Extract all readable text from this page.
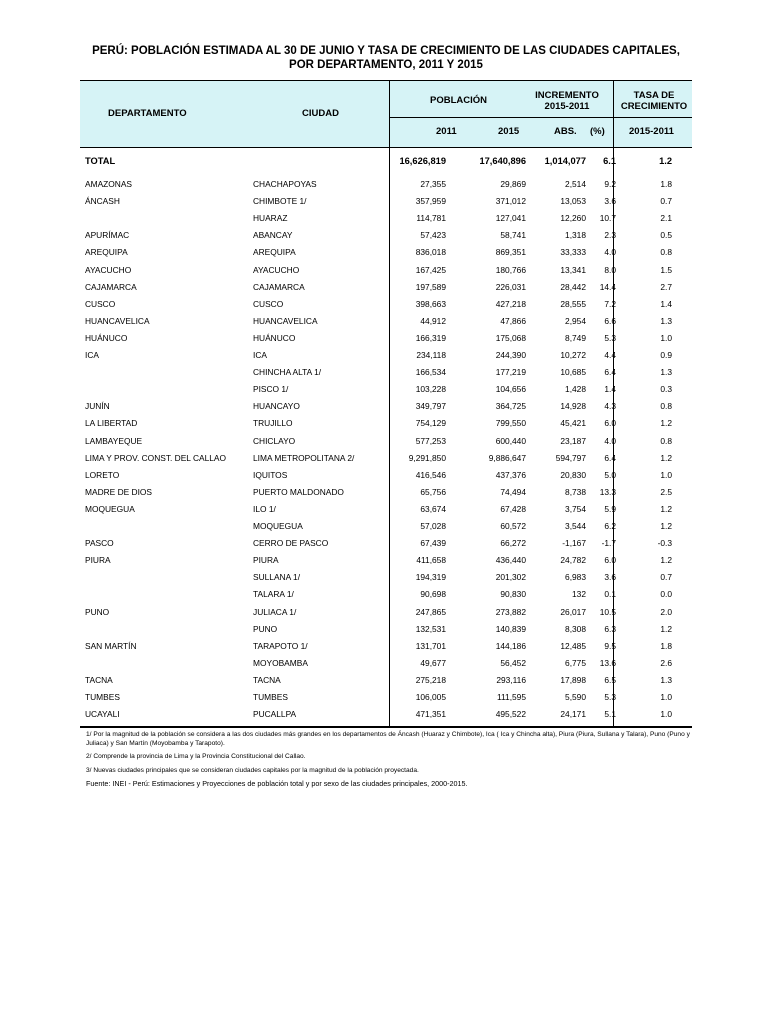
PERÚ: POBLACIÓN ESTIMADA AL 30 DE JUNIO Y TASA DE CRECIMIENTO DE LAS CIUDADES CAPITALES,
POR DEPARTAMENTO, 2011 Y 2015
DEPARTAMENTO	CIUDAD
POBLACIÓN	INCREMENTO
2015-2011
TASA DE
CRECIMIENTO
2011	2015	ABS. (%)	2015-2011
TOTAL	16,626,819	17,640,896 1,014,077 6.1	1.2
AMAZONAS	CHACHAPOYAS	27,355	29,869	2,514 9.2	1.8
ÁNCASH	CHIMBOTE 1/	357,959	371,012	13,053 3.6	0.7
HUARAZ	114,781	127,041	12,260 10.7	2.1
APURÍMAC	ABANCAY	57,423	58,741	1,318 2.3	0.5
AREQUIPA	AREQUIPA	836,018	869,351	33,333 4.0	0.8
AYACUCHO	AYACUCHO	167,425	180,766	13,341 8.0	1.5
CAJAMARCA	CAJAMARCA	197,589	226,031	28,442 14.4	2.7
CUSCO	CUSCO	398,663	427,218	28,555 7.2	1.4
HUANCAVELICA	HUANCAVELICA	44,912	47,866	2,954 6.6	1.3
HUÁNUCO	HUÁNUCO	166,319	175,068	8,749 5.3	1.0
ICA	ICA	234,118	244,390	10,272 4.4	0.9
CHINCHA ALTA 1/	166,534	177,219	10,685 6.4	1.3
PISCO 1/	103,228	104,656	1,428 1.4	0.3
JUNÍN	HUANCAYO	349,797	364,725	14,928 4.3	0.8
LA LIBERTAD	TRUJILLO	754,129	799,550	45,421 6.0	1.2
LAMBAYEQUE	CHICLAYO	577,253	600,440	23,187 4.0	0.8
LIMA Y PROV. CONST. DEL CALLAO	LIMA METROPOLITANA 2/	9,291,850	9,886,647	594,797 6.4	1.2
LORETO	IQUITOS	416,546	437,376	20,830 5.0	1.0
MADRE DE DIOS	PUERTO MALDONADO	65,756	74,494	8,738 13.3	2.5
MOQUEGUA	ILO 1/	63,674	67,428	3,754 5.9	1.2
MOQUEGUA	57,028	60,572	3,544 6.2	1.2
PASCO	CERRO DE PASCO	67,439	66,272	-1,167 -1.7	-0.3
PIURA	PIURA	411,658	436,440	24,782 6.0	1.2
SULLANA 1/	194,319	201,302	6,983 3.6	0.7
TALARA 1/	90,698	90,830	132 0.1	0.0
PUNO	JULIACA 1/	247,865	273,882	26,017 10.5	2.0
PUNO	132,531	140,839	8,308 6.3	1.2
SAN MARTÍN	TARAPOTO 1/	131,701	144,186	12,485 9.5	1.8
MOYOBAMBA	49,677	56,452	6,775 13.6	2.6
TACNA	TACNA	275,218	293,116	17,898 6.5	1.3
TUMBES	TUMBES	106,005	111,595	5,590 5.3	1.0
UCAYALI	PUCALLPA	471,351	495,522	24,171 5.1	1.0

1/ Por la magnitud de la población se considera a las dos ciudades más grandes en los departamentos de Áncash (Huaraz y Chimbote), Ica ( Ica y Chincha alta), Piura (Piura, Sullana y Talara), Puno (Puno y Juliaca) y San Martín (Moyobamba y Tarapoto).

2/ Comprende la provincia de Lima y la Provincia Constitucional del Callao.

3/ Nuevas ciudades principales que se consideran ciudades capitales por la magnitud de la población proyectada.

Fuente: INEI - Perú: Estimaciones y Proyecciones de población total y por sexo de las ciudades principales, 2000-2015.
